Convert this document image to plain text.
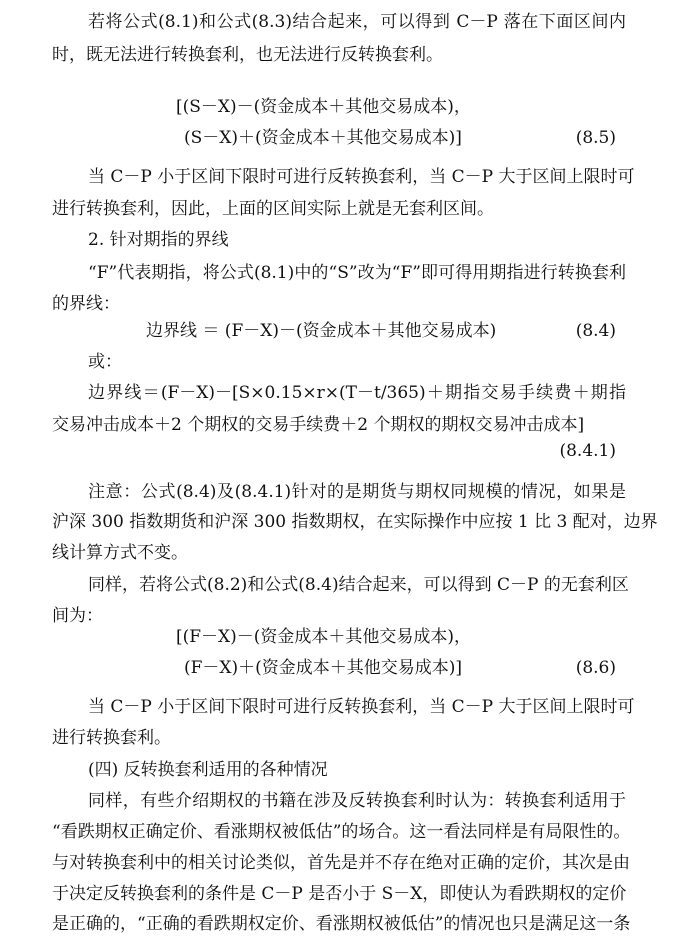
若将公式(8.1)和公式(8.3)结合起来，可以得到 C－P 落在下面区间内
时，既无法进行转换套利，也无法进行反转换套利。
[(S－X)－(资金成本＋其他交易成本)，
(S－X)＋(资金成本＋其他交易成本)]	(8.5)
当 C－P 小于区间下限时可进行反转换套利，当 C－P 大于区间上限时可
进行转换套利，因此，上面的区间实际上就是无套利区间。
2. 针对期指的界线
“F”代表期指，将公式(8.1)中的“S”改为“F”即可得用期指进行转换套利
的界线：
边界线 ＝ (F－X)－(资金成本＋其他交易成本)	(8.4)
或：
边界线＝(F－X)－[S×0.15×r×(T－t/365)＋期指交易手续费＋期指
交易冲击成本＋2 个期权的交易手续费＋2 个期权的期权交易冲击成本]
(8.4.1)
注意：公式(8.4)及(8.4.1)针对的是期货与期权同规模的情况，如果是
沪深 300 指数期货和沪深 300 指数期权，在实际操作中应按 1 比 3 配对，边界
线计算方式不变。
同样，若将公式(8.2)和公式(8.4)结合起来，可以得到 C－P 的无套利区
间为：
[(F－X)－(资金成本＋其他交易成本)，
(F－X)＋(资金成本＋其他交易成本)]	(8.6)
当 C－P 小于区间下限时可进行反转换套利，当 C－P 大于区间上限时可
进行转换套利。
(四) 反转换套利适用的各种情况
同样，有些介绍期权的书籍在涉及反转换套利时认为：转换套利适用于
“看跌期权正确定价、看涨期权被低估”的场合。这一看法同样是有局限性的。
与对转换套利中的相关讨论类似，首先是并不存在绝对正确的定价，其次是由
于决定反转换套利的条件是 C－P 是否小于 S－X，即使认为看跌期权的定价
是正确的，“正确的看跌期权定价、看涨期权被低估”的情况也只是满足这一条
